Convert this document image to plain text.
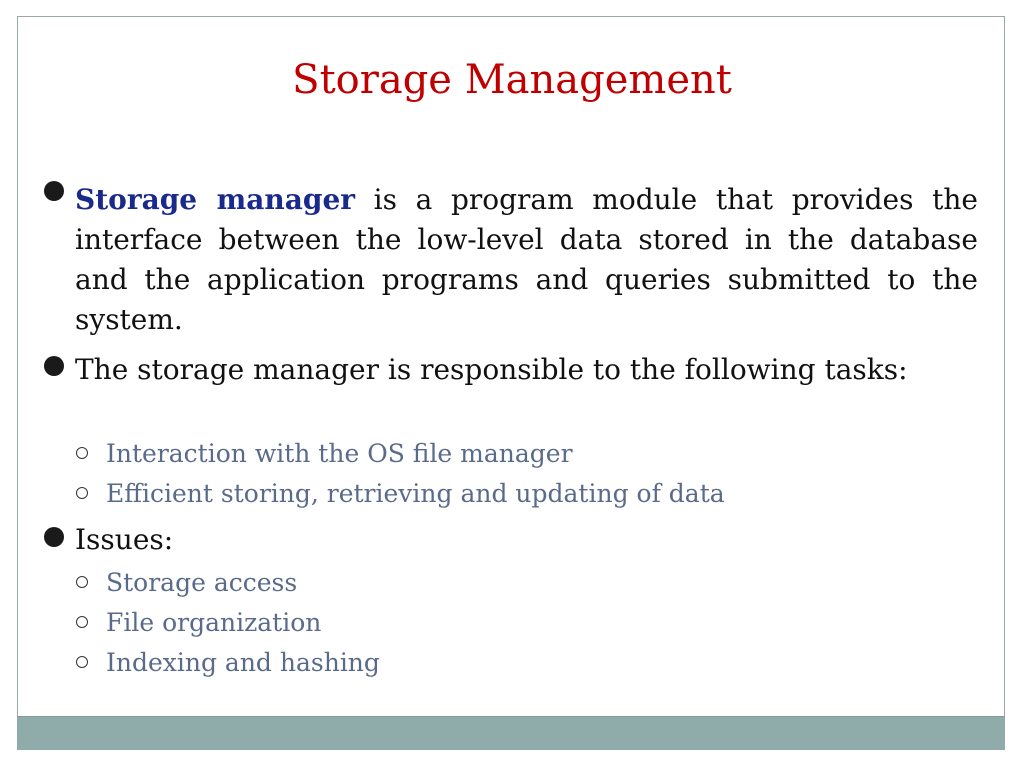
Storage Management
Storage manager is a program module that provides the interface between the low-level data stored in the database and the application programs and queries submitted to the system.
The storage manager is responsible to the following tasks:
Interaction with the OS file manager
Efficient storing, retrieving and updating of data
Issues:
Storage access
File organization
Indexing and hashing
